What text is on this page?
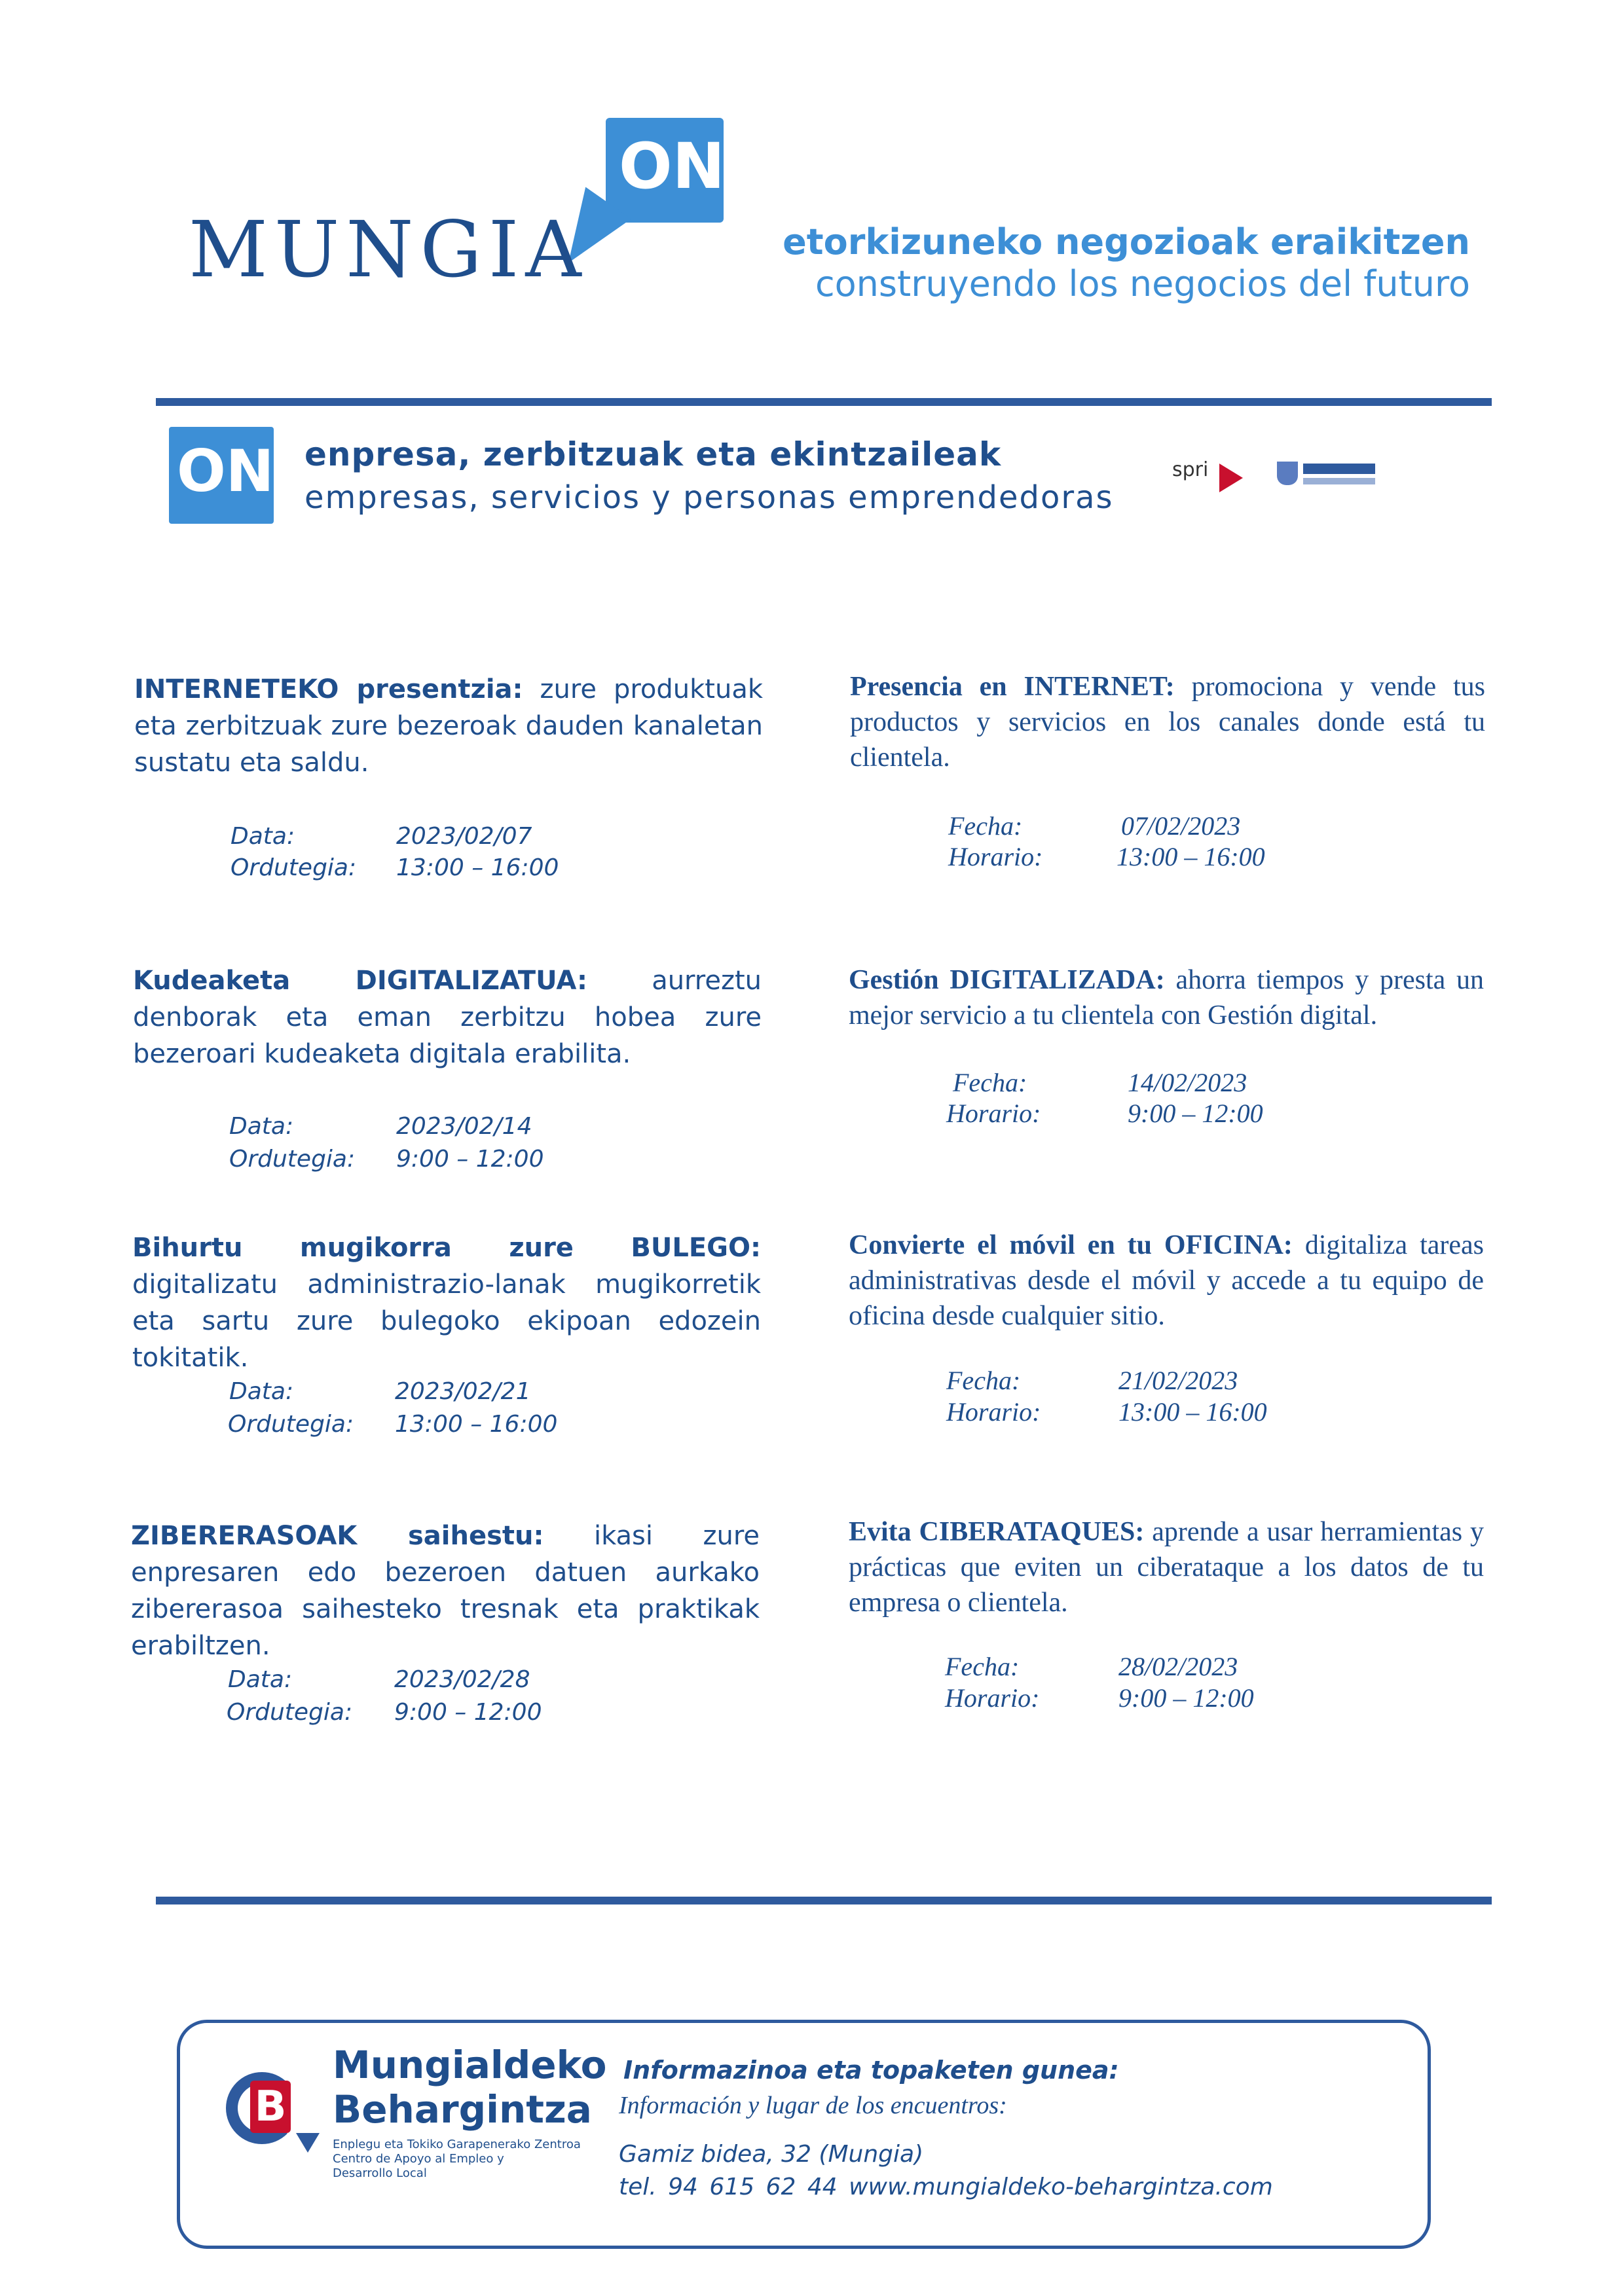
ON
MUNGIA	etorkizuneko negozioak eraikitzen
construyendo los negocios del futuro
ON enpresa, zerbitzuak eta ekintzaileak
empresas, servicios y personas emprendedoras
spri
INTERNETEKO presentzia: zure produktuak eta zerbitzuak zure bezeroak dauden kanaletan sustatu eta saldu.
Data:	2023/02/07
Ordutegia: 13:00 – 16:00
Presencia en INTERNET: promociona y vende tus productos y servicios en los canales donde está tu clientela.
Fecha:	07/02/2023
Horario:	13:00 – 16:00
Kudeaketa DIGITALIZATUA: aurreztu denborak eta eman zerbitzu hobea zure bezeroari kudeaketa digitala erabilita.
Data:	2023/02/14
Ordutegia: 9:00 – 12:00
Gestión DIGITALIZADA: ahorra tiempos y presta un mejor servicio a tu clientela con Gestión digital.
Fecha:	14/02/2023
Horario:	9:00 – 12:00
Bihurtu mugikorra zure BULEGO: digitalizatu administrazio-lanak mugikorretik eta sartu zure bulegoko ekipoan edozein tokitatik.
Data:	2023/02/21
Ordutegia: 13:00 – 16:00
Convierte el móvil en tu OFICINA: digitaliza tareas administrativas desde el móvil y accede a tu equipo de oficina desde cualquier sitio.
Fecha:	21/02/2023
Horario:	13:00 – 16:00
ZIBERERASOAK saihestu: ikasi zure enpresaren edo bezeroen datuen aurkako zibererasoa saihesteko tresnak eta praktikak erabiltzen.
Data:	2023/02/28
Ordutegia: 9:00 – 12:00
Evita CIBERATAQUES: aprende a usar herramientas y prácticas que eviten un ciberataque a los datos de tu empresa o clientela.
Fecha:	28/02/2023
Horario:	9:00 – 12:00
B
Mungialdeko
Behargintza
Enplegu eta Tokiko Garapenerako Zentroa
Centro de Apoyo al Empleo y
Desarrollo Local
Informazinoa eta topaketen gunea:
Información y lugar de los encuentros:
Gamiz bidea, 32 (Mungia)
tel. 94 615 62 44 www.mungialdeko-behargintza.com
